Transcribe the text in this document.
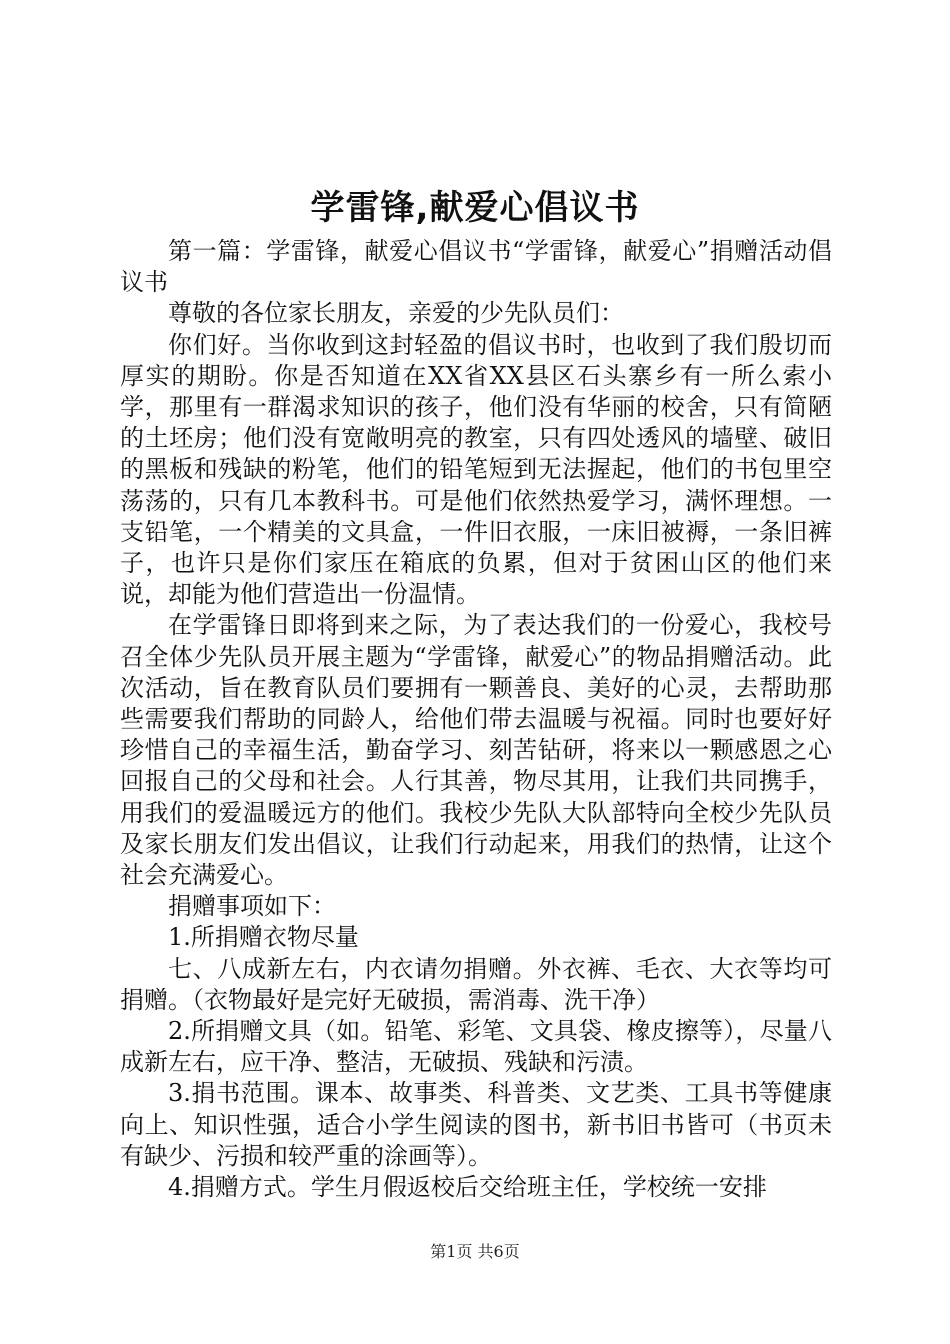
学雷锋,献爱心倡议书

第一篇：学雷锋，献爱心倡议书“学雷锋，献爱心”捐赠活动倡议书

尊敬的各位家长朋友，亲爱的少先队员们：

你们好。当你收到这封轻盈的倡议书时，也收到了我们殷切而厚实的期盼。你是否知道在XX省XX县区石头寨乡有一所么索小学，那里有一群渴求知识的孩子，他们没有华丽的校舍，只有简陋的土坯房；他们没有宽敞明亮的教室，只有四处透风的墙壁、破旧的黑板和残缺的粉笔，他们的铅笔短到无法握起，他们的书包里空荡荡的，只有几本教科书。可是他们依然热爱学习，满怀理想。一支铅笔，一个精美的文具盒，一件旧衣服，一床旧被褥，一条旧裤子，也许只是你们家压在箱底的负累，但对于贫困山区的他们来说，却能为他们营造出一份温情。

在学雷锋日即将到来之际，为了表达我们的一份爱心，我校号召全体少先队员开展主题为“学雷锋，献爱心”的物品捐赠活动。此次活动，旨在教育队员们要拥有一颗善良、美好的心灵，去帮助那些需要我们帮助的同龄人，给他们带去温暖与祝福。同时也要好好珍惜自己的幸福生活，勤奋学习、刻苦钻研，将来以一颗感恩之心回报自己的父母和社会。人行其善，物尽其用，让我们共同携手，用我们的爱温暖远方的他们。我校少先队大队部特向全校少先队员及家长朋友们发出倡议，让我们行动起来，用我们的热情，让这个社会充满爱心。

捐赠事项如下：

1.所捐赠衣物尽量

七、八成新左右，内衣请勿捐赠。外衣裤、毛衣、大衣等均可捐赠。（衣物最好是完好无破损，需消毒、洗干净）

2.所捐赠文具（如。铅笔、彩笔、文具袋、橡皮擦等），尽量八成新左右，应干净、整洁，无破损、残缺和污渍。

3.捐书范围。课本、故事类、科普类、文艺类、工具书等健康向上、知识性强，适合小学生阅读的图书，新书旧书皆可（书页未有缺少、污损和较严重的涂画等）。

4.捐赠方式。学生月假返校后交给班主任，学校统一安排

第1页 共6页
